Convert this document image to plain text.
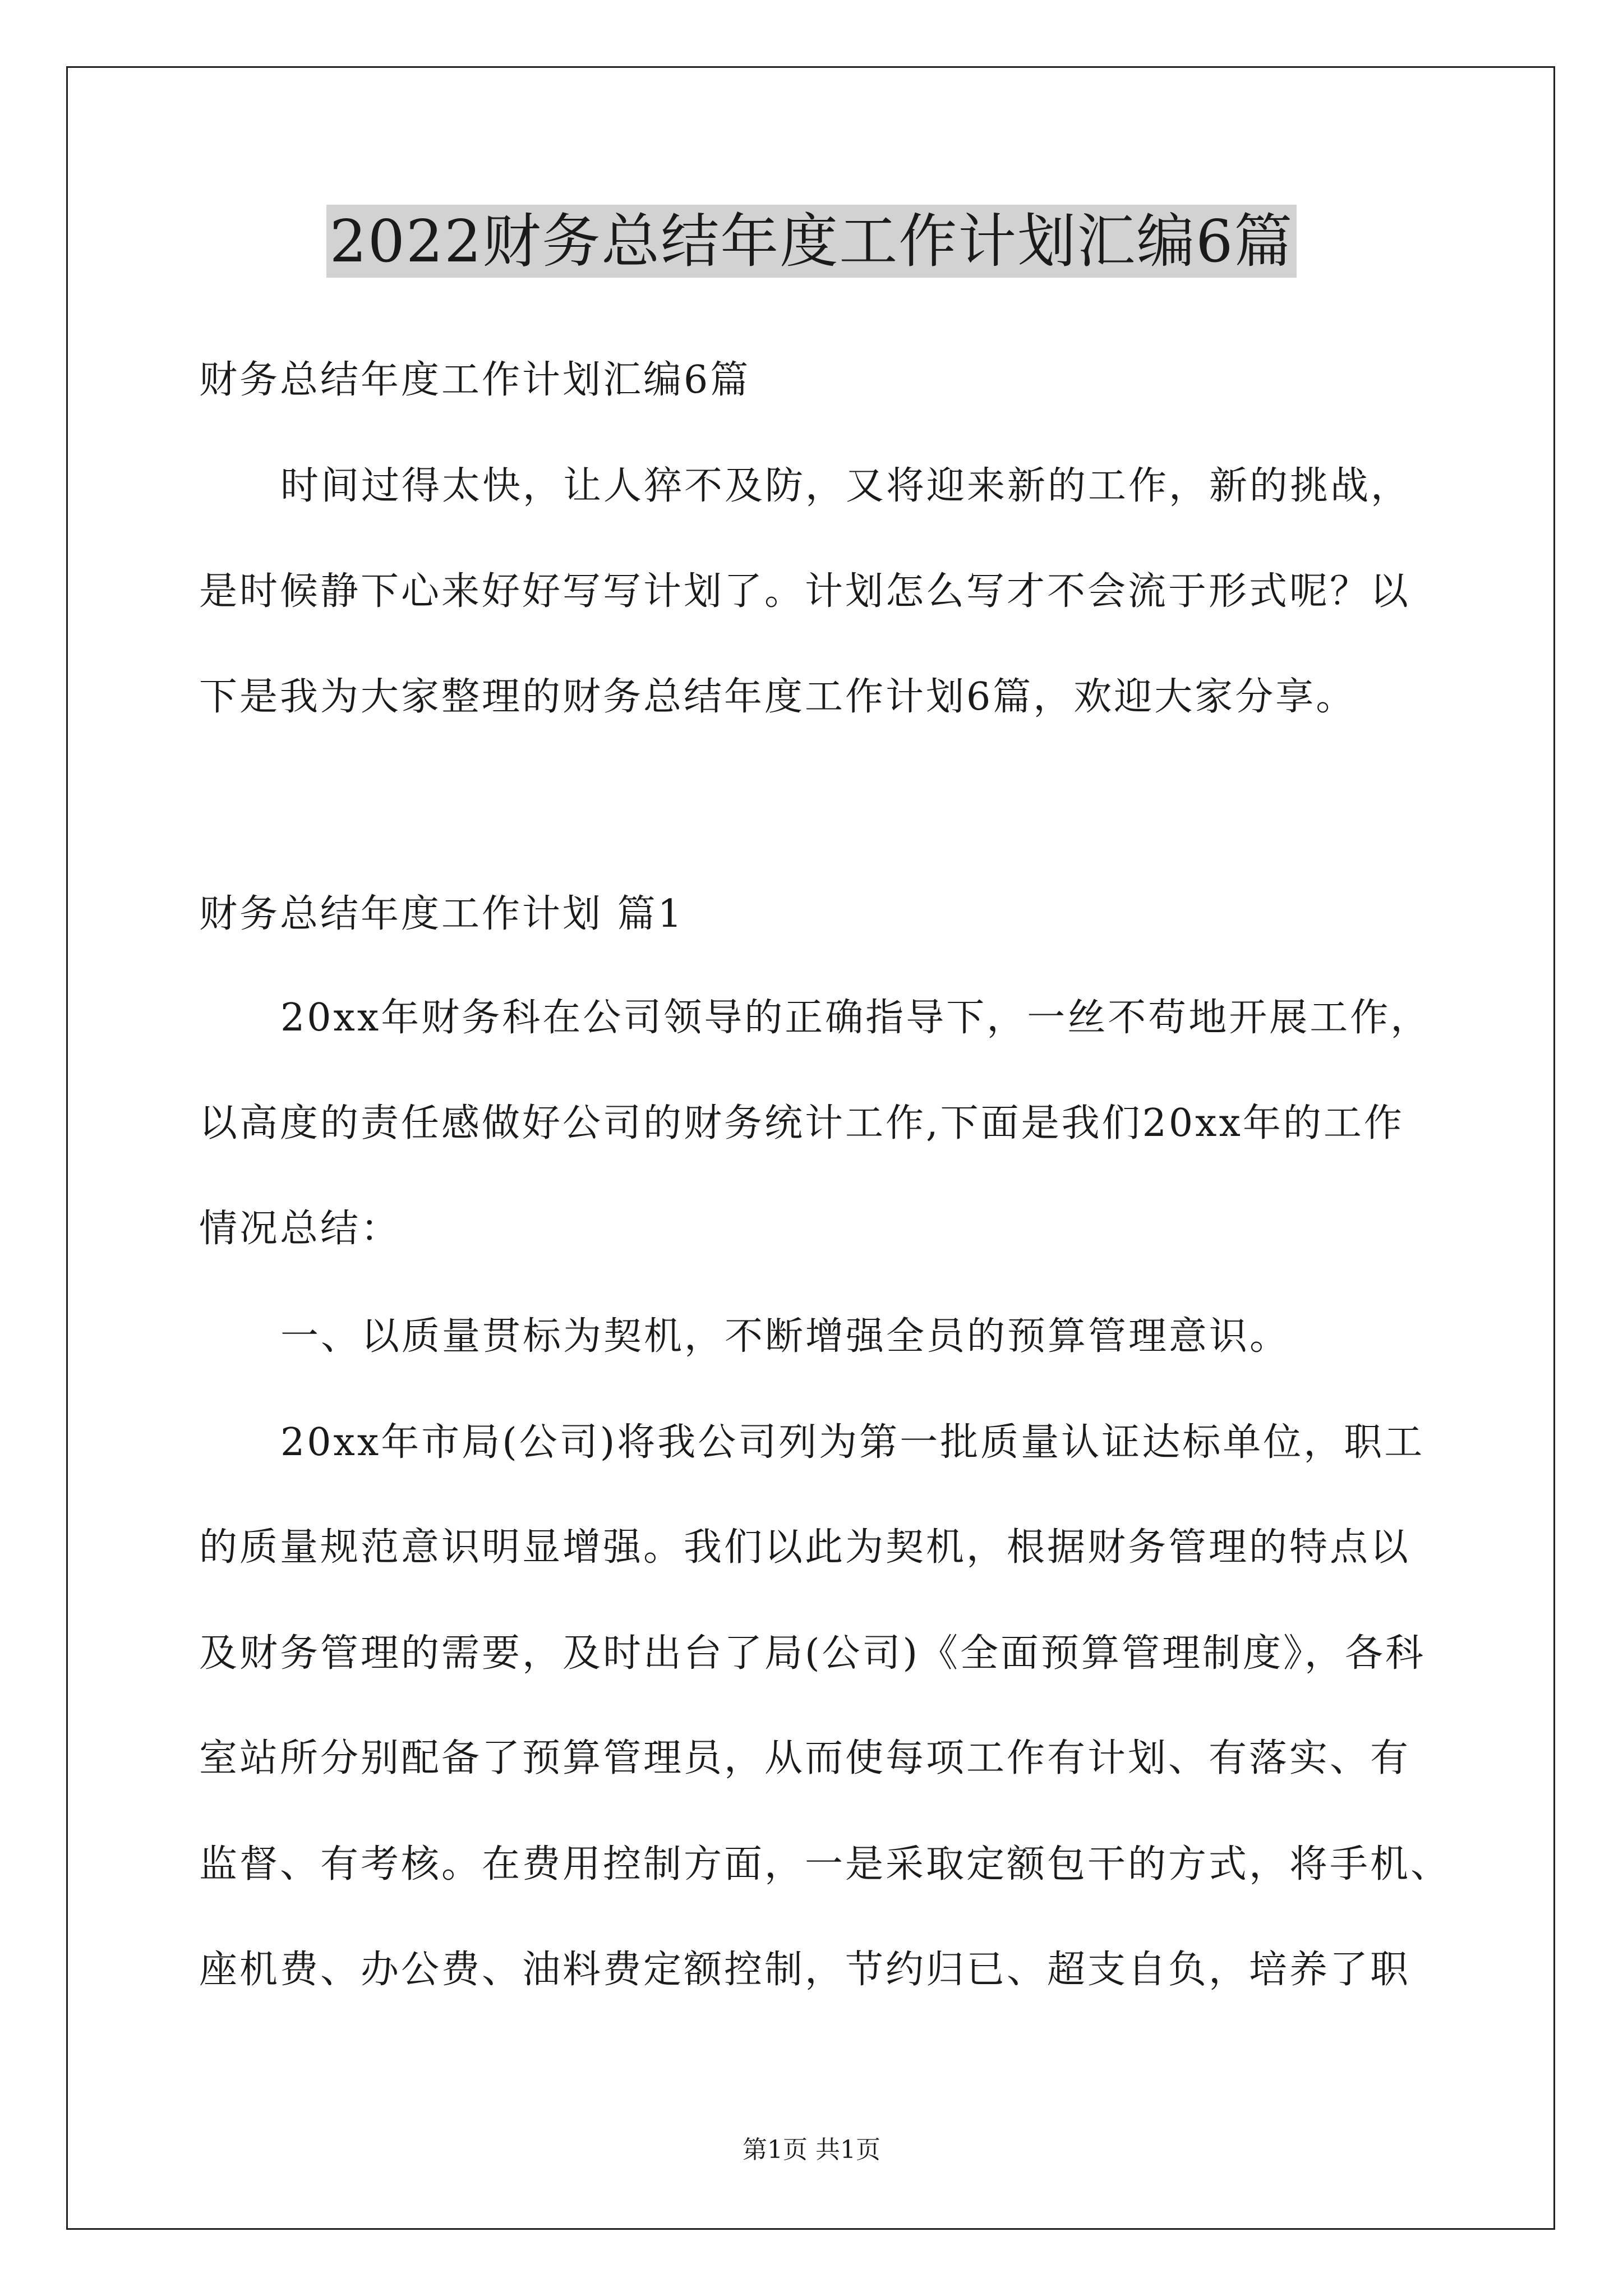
2022财务总结年度工作计划汇编6篇
财务总结年度工作计划汇编6篇
时间过得太快，让人猝不及防，又将迎来新的工作，新的挑战，
是时候静下心来好好写写计划了。计划怎么写才不会流于形式呢？以
下是我为大家整理的财务总结年度工作计划6篇，欢迎大家分享。
财务总结年度工作计划 篇1
20xx年财务科在公司领导的正确指导下，一丝不苟地开展工作，
以高度的责任感做好公司的财务统计工作,下面是我们20xx年的工作
情况总结：
一、以质量贯标为契机，不断增强全员的预算管理意识。
20xx年市局(公司)将我公司列为第一批质量认证达标单位，职工
的质量规范意识明显增强。我们以此为契机，根据财务管理的特点以
及财务管理的需要，及时出台了局(公司)《全面预算管理制度》，各科
室站所分别配备了预算管理员，从而使每项工作有计划、有落实、有
监督、有考核。在费用控制方面，一是采取定额包干的方式，将手机、
座机费、办公费、油料费定额控制，节约归已、超支自负，培养了职
第1页 共1页
